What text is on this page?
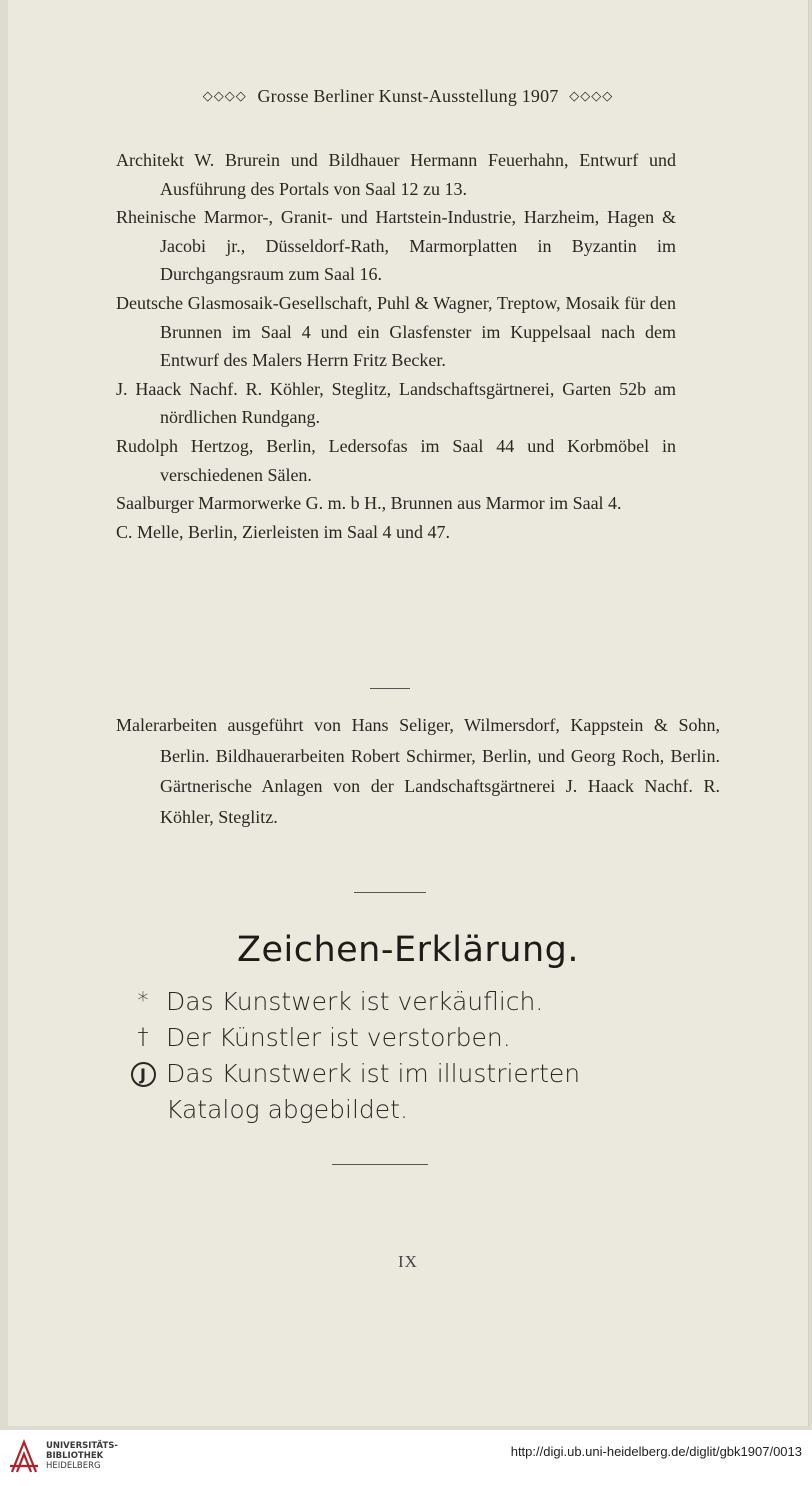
◇◇◇◇ Grosse Berliner Kunst-Ausstellung 1907 ◇◇◇◇

Architekt W. Brurein und Bildhauer Hermann Feuerhahn, Entwurf und Ausführung des Portals von Saal 12 zu 13.

Rheinische Marmor-, Granit- und Hartstein-Industrie, Harzheim, Hagen & Jacobi jr., Düsseldorf-Rath, Marmorplatten in Byzantin im Durchgangsraum zum Saal 16.

Deutsche Glasmosaik-Gesellschaft, Puhl & Wagner, Treptow, Mosaik für den Brunnen im Saal 4 und ein Glasfenster im Kuppelsaal nach dem Entwurf des Malers Herrn Fritz Becker.

J. Haack Nachf. R. Köhler, Steglitz, Landschaftsgärtnerei, Garten 52b am nördlichen Rundgang.

Rudolph Hertzog, Berlin, Ledersofas im Saal 44 und Korbmöbel in verschiedenen Sälen.

Saalburger Marmorwerke G. m. b H., Brunnen aus Marmor im Saal 4.

C. Melle, Berlin, Zierleisten im Saal 4 und 47.

Malerarbeiten ausgeführt von Hans Seliger, Wilmersdorf, Kappstein & Sohn, Berlin. Bildhauerarbeiten Robert Schirmer, Berlin, und Georg Roch, Berlin. Gärtnerische Anlagen von der Landschaftsgärtnerei J. Haack Nachf. R. Köhler, Steglitz.

Zeichen-Erklärung.
* Das Kunstwerk ist verkäuflich.
† Der Künstler ist verstorben.
J Das Kunstwerk ist im illustrierten Katalog abgebildet.
IX
UNIVERSITÄTS-
BIBLIOTHEK
HEIDELBERG
http://digi.ub.uni-heidelberg.de/diglit/gbk1907/0013
